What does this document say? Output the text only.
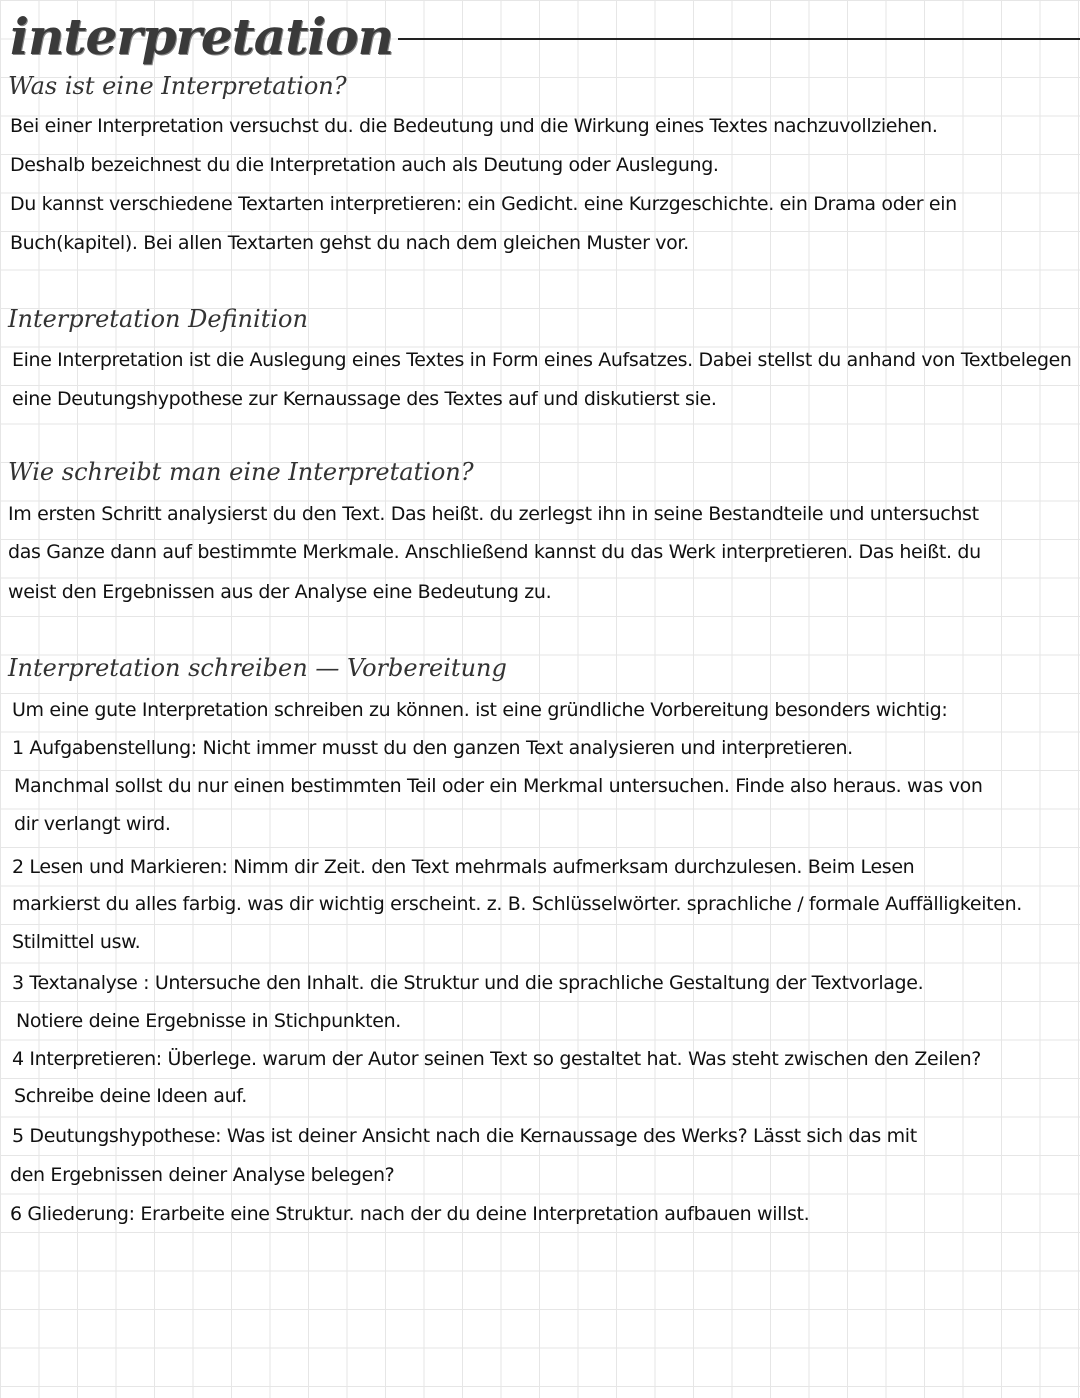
interpretation
Was ist eine Interpretation?
Bei einer Interpretation versuchst du. die Bedeutung und die Wirkung eines Textes nachzuvollziehen.
Deshalb bezeichnest du die Interpretation auch als Deutung oder Auslegung.
Du kannst verschiedene Textarten interpretieren: ein Gedicht. eine Kurzgeschichte. ein Drama oder ein
Buch(kapitel). Bei allen Textarten gehst du nach dem gleichen Muster vor.
Interpretation Definition
Eine Interpretation ist die Auslegung eines Textes in Form eines Aufsatzes. Dabei stellst du anhand von Textbelegen
eine Deutungshypothese zur Kernaussage des Textes auf und diskutierst sie.
Wie schreibt man eine Interpretation?
Im ersten Schritt analysierst du den Text. Das heißt. du zerlegst ihn in seine Bestandteile und untersuchst
das Ganze dann auf bestimmte Merkmale. Anschließend kannst du das Werk interpretieren. Das heißt. du
weist den Ergebnissen aus der Analyse eine Bedeutung zu.
Interpretation schreiben — Vorbereitung
Um eine gute Interpretation schreiben zu können. ist eine gründliche Vorbereitung besonders wichtig:
1 Aufgabenstellung: Nicht immer musst du den ganzen Text analysieren und interpretieren.
Manchmal sollst du nur einen bestimmten Teil oder ein Merkmal untersuchen. Finde also heraus. was von
dir verlangt wird.
2 Lesen und Markieren: Nimm dir Zeit. den Text mehrmals aufmerksam durchzulesen. Beim Lesen
markierst du alles farbig. was dir wichtig erscheint. z. B. Schlüsselwörter. sprachliche / formale Auffälligkeiten.
Stilmittel usw.
3 Textanalyse : Untersuche den Inhalt. die Struktur und die sprachliche Gestaltung der Textvorlage.
Notiere deine Ergebnisse in Stichpunkten.
4 Interpretieren: Überlege. warum der Autor seinen Text so gestaltet hat. Was steht zwischen den Zeilen?
Schreibe deine Ideen auf.
5 Deutungshypothese: Was ist deiner Ansicht nach die Kernaussage des Werks? Lässt sich das mit
den Ergebnissen deiner Analyse belegen?
6 Gliederung: Erarbeite eine Struktur. nach der du deine Interpretation aufbauen willst.
